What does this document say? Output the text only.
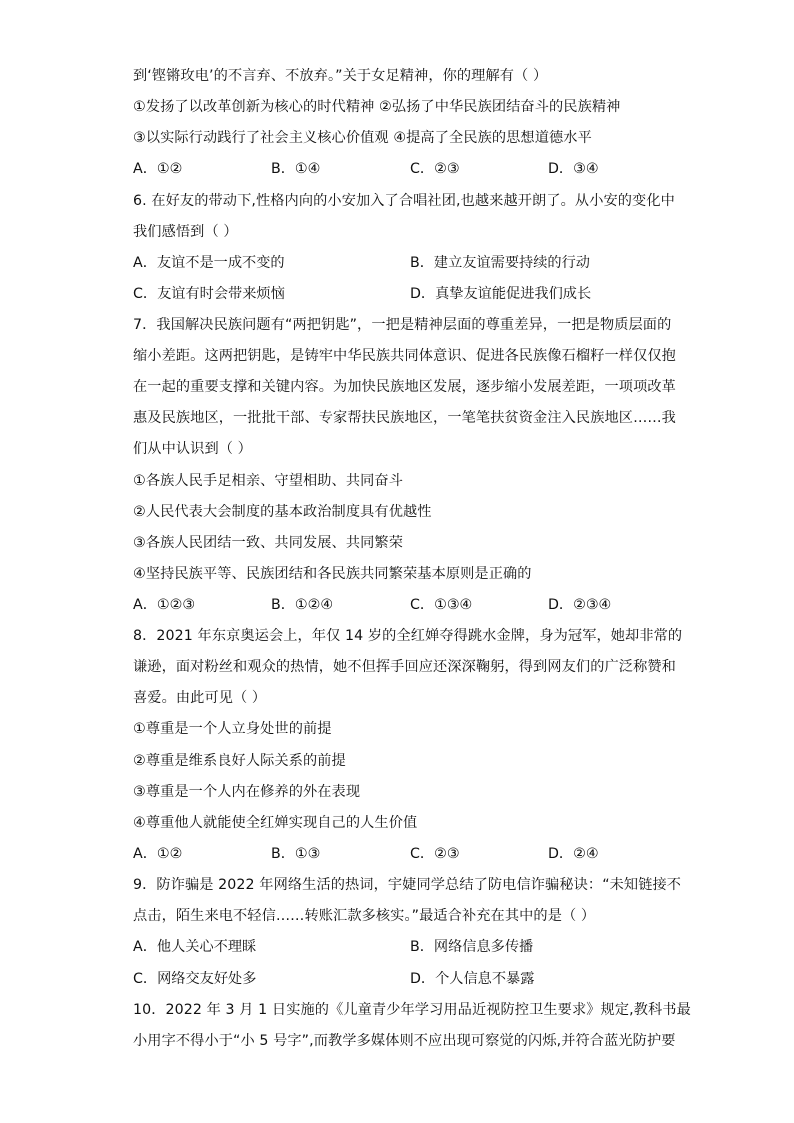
到‘铿锵玫电’的不言弃、不放弃。”关于女足精神，你的理解有（ ）
①发扬了以改革创新为核心的时代精神 ②弘扬了中华民族团结奋斗的民族精神
③以实际行动践行了社会主义核心价值观 ④提高了全民族的思想道德水平
A．①②	B．①④	C．②③	D．③④
6. 在好友的带动下,性格内向的小安加入了合唱社团,也越来越开朗了。从小安的变化中
我们感悟到（ ）
A．友谊不是一成不变的	B．建立友谊需要持续的行动
C．友谊有时会带来烦恼	D．真挚友谊能促进我们成长
7．我国解决民族问题有“两把钥匙”，一把是精神层面的尊重差异，一把是物质层面的
缩小差距。这两把钥匙，是铸牢中华民族共同体意识、促进各民族像石榴籽一样仅仅抱
在一起的重要支撑和关键内容。为加快民族地区发展，逐步缩小发展差距，一项项改革
惠及民族地区，一批批干部、专家帮扶民族地区，一笔笔扶贫资金注入民族地区……我
们从中认识到（ ）
①各族人民手足相亲、守望相助、共同奋斗
②人民代表大会制度的基本政治制度具有优越性
③各族人民团结一致、共同发展、共同繁荣
④坚持民族平等、民族团结和各民族共同繁荣基本原则是正确的
A．①②③	B．①②④	C．①③④	D．②③④
8．2021 年东京奥运会上，年仅 14 岁的全红婵夺得跳水金牌，身为冠军，她却非常的
谦逊，面对粉丝和观众的热情，她不但挥手回应还深深鞠躬，得到网友们的广泛称赞和
喜爱。由此可见（ ）
①尊重是一个人立身处世的前提
②尊重是维系良好人际关系的前提
③尊重是一个人内在修养的外在表现
④尊重他人就能使全红婵实现自己的人生价值
A．①②	B．①③	C．②③	D．②④
9．防诈骗是 2022 年网络生活的热词，宇婕同学总结了防电信诈骗秘诀：“未知链接不
点击，陌生来电不轻信……转账汇款多核实。”最适合补充在其中的是（ ）
A．他人关心不理睬	B．网络信息多传播
C．网络交友好处多	D．个人信息不暴露
10．2022 年 3 月 1 日实施的《儿童青少年学习用品近视防控卫生要求》规定,教科书最
小用字不得小于“小 5 号字”,而教学多媒体则不应出现可察觉的闪烁,并符合蓝光防护要
